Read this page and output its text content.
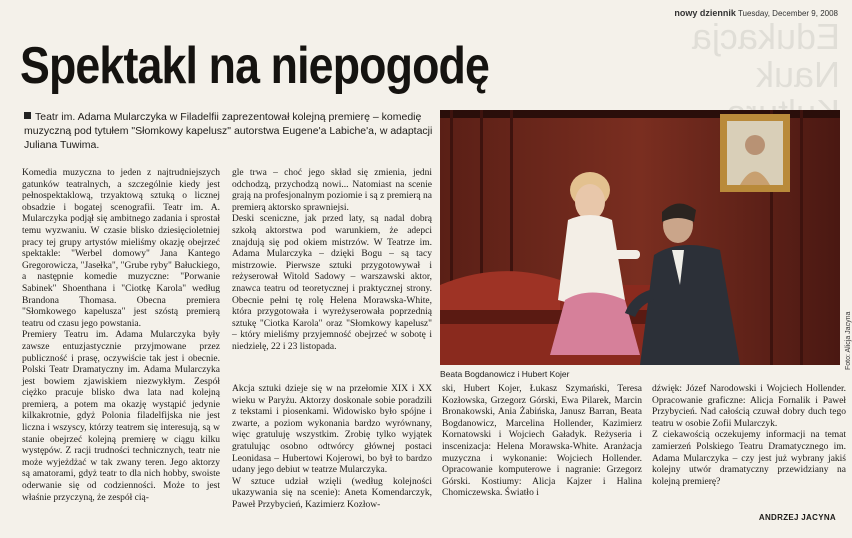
nowy dziennik Tuesday, December 9, 2008
Edukacja
Nauk

Spektakl na niepogodę
Teatr im. Adama Mularczyka w Filadelfii zaprezentował kolejną premierę – komedię muzyczną pod tytułem "Słomkowy kapelusz" autorstwa Eugene'a Labiche'a, w adaptacji Juliana Tuwima.
Komedia muzyczna to jeden z najtrudniejszych gatunków teatralnych, a szczególnie kiedy jest pełnospektaklową, trzyaktową sztuką o licznej obsadzie i bogatej scenografii. Teatr im. A. Mularczyka podjął się ambitnego zadania i sprostał temu wyzwaniu. W czasie blisko dziesięcioletniej pracy tej grupy artystów mieliśmy okazję obejrzeć spektakle: "Werbel domowy" Jana Kantego Gregorowicza, "Jasełka", "Grube ryby" Bałuckiego, a następnie komedie muzyczne: "Porwanie Sabinek" Shoenthana i "Ciotkę Karola" według Brandona Thomasa. Obecna premiera "Słomkowego kapelusza" jest szóstą premierą teatru od czasu jego powstania.
Premiery Teatru im. Adama Mularczyka były zawsze entuzjastycznie przyjmowane przez publiczność i prasę, oczywiście tak jest i obecnie. Polski Teatr Dramatyczny im. Adama Mularczyka jest bowiem zjawiskiem niezwykłym. Zespół ciężko pracuje blisko dwa lata nad kolejną premierą, a potem ma okazję wystąpić jedynie kilkakrotnie, gdyż Polonia filadelfijska nie jest liczna i wszyscy, którzy teatrem się interesują, są w stanie obejrzeć kolejną premierę w ciągu kilku występów. Z racji trudności technicznych, teatr nie może wyjeżdżać w tak zwany teren. Jego aktorzy są amatorami, gdyż teatr to dla nich hobby, swoiste oderwanie się od codzienności. Może to jest właśnie przyczyną, że zespół cią-
gle trwa – choć jego skład się zmienia, jedni odchodzą, przychodzą nowi... Natomiast na scenie grają na profesjonalnym poziomie i są z premierą na premierą aktorsko sprawniejsi.
Deski sceniczne, jak przed laty, są nadal dobrą szkołą aktorstwa pod warunkiem, że adepci znajdują się pod okiem mistrzów. W Teatrze im. Adama Mularczyka – dzięki Bogu – są tacy mistrzowie. Pierwsze sztuki przygotowywał i reżyserował Witold Sadowy – warszawski aktor, znawca teatru od teoretycznej i praktycznej strony. Obecnie pełni tę rolę Helena Morawska-White, która przygotowała i wyreżyserowała poprzednią sztukę "Ciotka Karola" oraz "Słomkowy kapelusz" – który mieliśmy przyjemność obejrzeć w sobotę i niedzielę, 22 i 23 listopada.
Akcja sztuki dzieje się w na przełomie XIX i XX wieku w Paryżu. Aktorzy doskonale sobie poradzili z tekstami i piosenkami. Widowisko było spójne i zwarte, a poziom wykonania bardzo wyrównany, więc gratuluję wszystkim. Zrobię tylko wyjątek gratulując osobno odtwórcy głównej postaci Leonidasa – Hubertowi Kojerowi, bo był to bardzo udany jego debiut w teatrze Mularczyka.
W sztuce udział wzięli (według kolejności ukazywania się na scenie): Aneta Komendarczyk, Paweł Przybycień, Kazimierz Kozłow-
ski, Hubert Kojer, Łukasz Szymański, Teresa Kozłowska, Grzegorz Górski, Ewa Pilarek, Marcin Bronakowski, Ania Żabińska, Janusz Barran, Beata Bogdanowicz, Marcelina Hollender, Kazimierz Kornatowski i Wojciech Gaładyk. Reżyseria i inscenizacja: Helena Morawska-White. Aranżacja muzyczna i wykonanie: Wojciech Hollender. Opracowanie komputerowe i nagranie: Grzegorz Górski. Kostiumy: Alicja Kajzer i Halina Chomiczewska. Światło i
dźwięk: Józef Narodowski i Wojciech Hollender. Opracowanie graficzne: Alicja Fornalik i Paweł Przybycień. Nad całością czuwał dobry duch tego teatru w osobie Zofii Mularczyk.
Z ciekawością oczekujemy informacji na temat zamierzeń Polskiego Teatru Dramatycznego im. Adama Mularczyka – czy jest już wybrany jakiś kolejny utwór dramatyczny przewidziany na kolejną premierę?
ANDRZEJ JACYNA
Beata Bogdanowicz i Hubert Kojer
Foto: Alicja Jacyna
